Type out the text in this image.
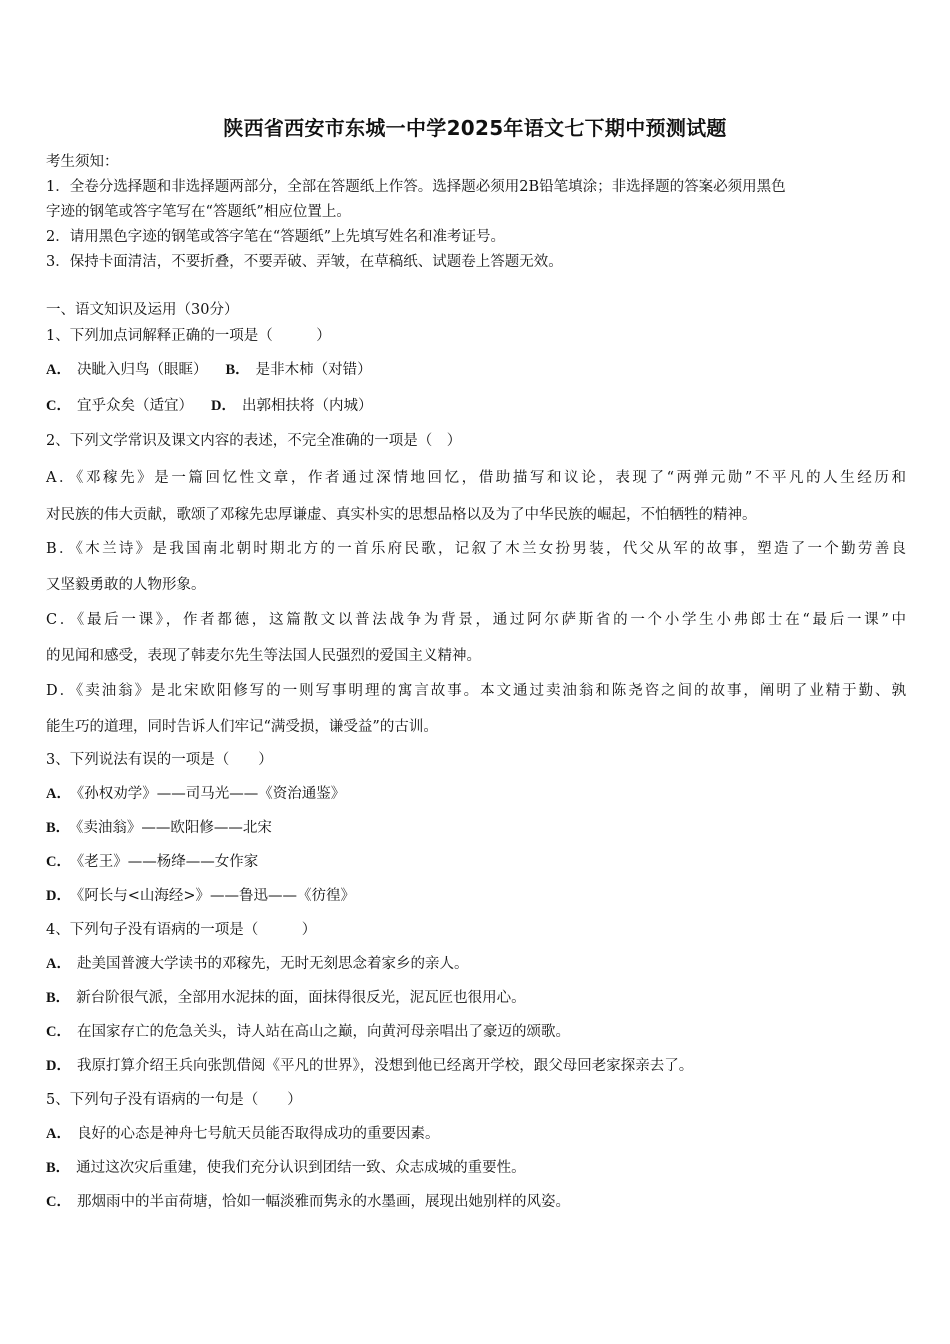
陕西省西安市东城一中学2025年语文七下期中预测试题
考生须知：
1．全卷分选择题和非选择题两部分，全部在答题纸上作答。选择题必须用2B铅笔填涂；非选择题的答案必须用黑色
字迹的钢笔或答字笔写在“答题纸”相应位置上。
2．请用黑色字迹的钢笔或答字笔在“答题纸”上先填写姓名和准考证号。
3．保持卡面清洁，不要折叠，不要弄破、弄皱，在草稿纸、试题卷上答题无效。
一、语文知识及运用（30分）
1、下列加点词解释正确的一项是（　　　）
A． 决眦入归鸟（眼眶） B． 是非木柿（对错）
C． 宜乎众矣（适宜） D． 出郭相扶将（内城）
2、下列文学常识及课文内容的表述，不完全准确的一项是（　）
A．《邓稼先》是一篇回忆性文章，作者通过深情地回忆，借助描写和议论，表现了“两弹元勋”不平凡的人生经历和
对民族的伟大贡献，歌颂了邓稼先忠厚谦虚、真实朴实的思想品格以及为了中华民族的崛起，不怕牺牲的精神。
B．《木兰诗》是我国南北朝时期北方的一首乐府民歌，记叙了木兰女扮男装，代父从军的故事，塑造了一个勤劳善良
又坚毅勇敢的人物形象。
C．《最后一课》，作者都德，这篇散文以普法战争为背景，通过阿尔萨斯省的一个小学生小弗郎士在“最后一课”中
的见闻和感受，表现了韩麦尔先生等法国人民强烈的爱国主义精神。
D．《卖油翁》是北宋欧阳修写的一则写事明理的寓言故事。本文通过卖油翁和陈尧咨之间的故事，阐明了业精于勤、孰
能生巧的道理，同时告诉人们牢记“满受损，谦受益”的古训。
3、下列说法有误的一项是（　　）
A． 《孙权劝学》——司马光——《资治通鉴》
B． 《卖油翁》——欧阳修——北宋
C． 《老王》——杨绛——女作家
D． 《阿长与<山海经>》——鲁迅——《彷徨》
4、下列句子没有语病的一项是（　　　）
A． 赴美国普渡大学读书的邓稼先，无时无刻思念着家乡的亲人。
B． 新台阶很气派，全部用水泥抹的面，面抹得很反光，泥瓦匠也很用心。
C． 在国家存亡的危急关头，诗人站在高山之巅，向黄河母亲唱出了豪迈的颂歌。
D． 我原打算介绍王兵向张凯借阅《平凡的世界》，没想到他已经离开学校，跟父母回老家探亲去了。
5、下列句子没有语病的一句是（　　）
A． 良好的心态是神舟七号航天员能否取得成功的重要因素。
B． 通过这次灾后重建，使我们充分认识到团结一致、众志成城的重要性。
C． 那烟雨中的半亩荷塘，恰如一幅淡雅而隽永的水墨画，展现出她别样的风姿。
